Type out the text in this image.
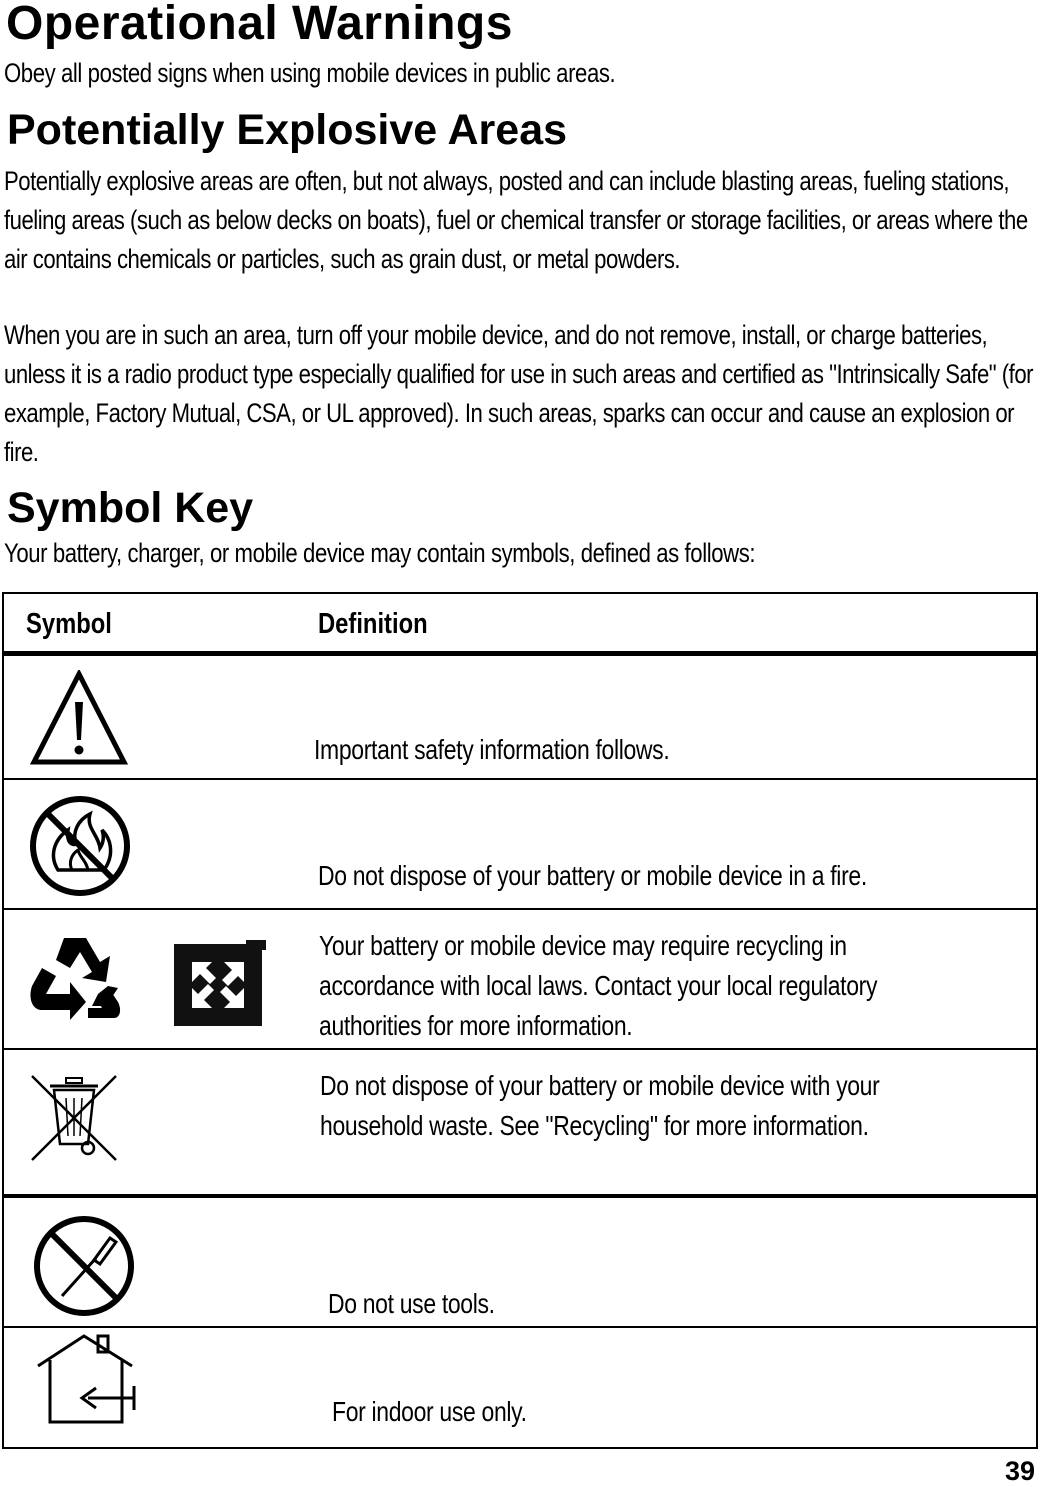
Operational Warnings

Obey all posted signs when using mobile devices in public areas.

Potentially Explosive Areas

Potentially explosive areas are often, but not always, posted and can include blasting areas, fueling stations, fueling areas (such as below decks on boats), fuel or chemical transfer or storage facilities, or areas where the air contains chemicals or particles, such as grain dust, or metal powders.

When you are in such an area, turn off your mobile device, and do not remove, install, or charge batteries, unless it is a radio product type especially qualified for use in such areas and certified as "Intrinsically Safe" (for example, Factory Mutual, CSA, or UL approved). In such areas, sparks can occur and cause an explosion or fire.

Symbol Key

Your battery, charger, or mobile device may contain symbols, defined as follows:

Symbol	Definition
Important safety information follows.
Do not dispose of your battery or mobile device in a fire.
Your battery or mobile device may require recycling in
accordance with local laws. Contact your local regulatory
authorities for more information.
Do not dispose of your battery or mobile device with your
household waste. See "Recycling" for more information.
Do not use tools.
For indoor use only.
39
